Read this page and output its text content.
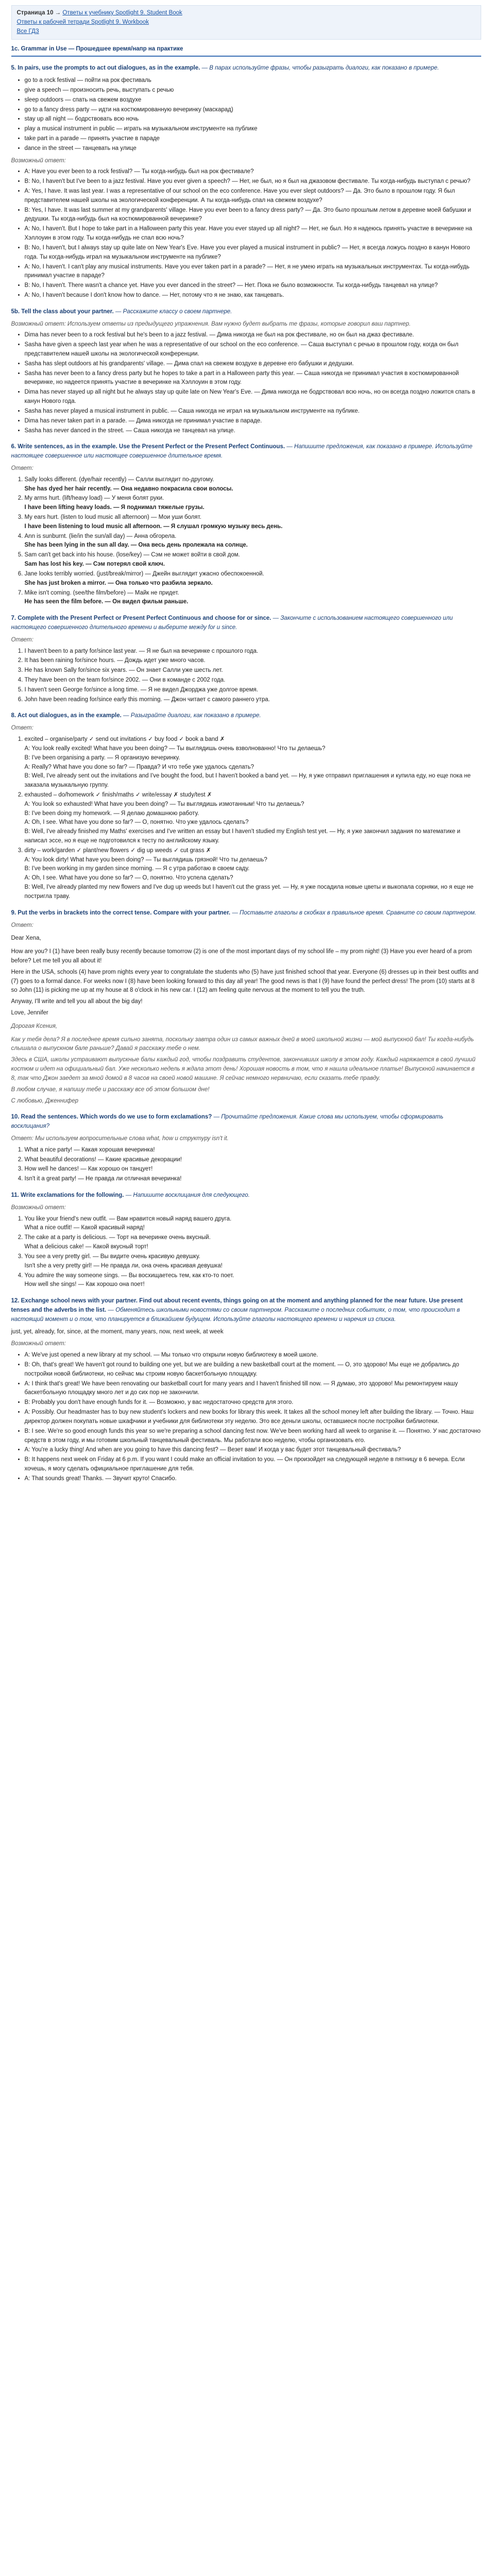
Страница 10 → Ответы к учебнику Spotlight 9. Student Book
Ответы к рабочей тетради Spotlight 9. Workbook
Все ГДЗ
1c. Grammar in Use — Прошедшее время/напр на практике
5. In pairs, use the prompts to act out dialogues, as in the example. — В парах используйте фразы, чтобы разыграть диалоги, как показано в примере.
• go to a rock festival — пойти на рок фестиваль
• give a speech — произносить речь, выступать с речью
• sleep outdoors — спать на свежем воздухе
• go to a fancy dress party — идти на костюмированную вечеринку (маскарад)
• stay up all night — бодрствовать всю ночь
• play a musical instrument in public — играть на музыкальном инструменте на публике
• take part in a parade — принять участие в параде
• dance in the street — танцевать на улице
Возможный ответ:
• A: Have you ever been to a rock festival? — Ты когда-нибудь был на рок фестивале?
• B: No, I haven't but I've been to a jazz festival. Have you ever given a speech? — Нет, не был, но я был на джазовом фестивале. Ты когда-нибудь выступал с речью?
• A: Yes, I have. It was last year. I was a representative of our school on the eco conference. Have you ever slept outdoors? — Да. Это было в прошлом году. Я был представителем нашей школы на экологической конференции. А ты когда-нибудь спал на свежем воздухе?
• B: Yes, I have. It was last summer at my grandparents' village. Have you ever been to a fancy dress party? — Да. Это было прошлым летом в деревне моей бабушки и дедушки. Ты когда-нибудь был на костюмированной вечеринке?
• A: No, I haven't. But I hope to take part in a Halloween party this year. Have you ever stayed up all night? — Нет, не был. Но я надеюсь принять участие в вечеринке на Хэллоуин в этом году. Ты когда-нибудь не спал всю ночь?
• B: No, I haven't, but I always stay up quite late on New Year's Eve. Have you ever played a musical instrument in public? — Нет, я всегда ложусь поздно в канун Нового года. Ты когда-нибудь играл на музыкальном инструменте на публике?
• A: No, I haven't. I can't play any musical instruments. Have you ever taken part in a parade? — Нет, я не умею играть на музыкальных инструментах. Ты когда-нибудь принимал участие в параде?
• B: No, I haven't. There wasn't a chance yet. Have you ever danced in the street? — Нет. Пока не было возможности. Ты когда-нибудь танцевал на улице?
• A: No, I haven't because I don't know how to dance. — Нет, потому что я не знаю, как танцевать.
5b. Tell the class about your partner. — Расскажите классу о своем партнере.
Возможный ответ: Используем ответы из предыдущего упражнения. Вам нужно будет выбрать те фразы, которые говорил ваш партнер.
• Dima has never been to a rock festival but he's been to a jazz festival. — Дима никогда не был на рок фестивале, но он был на джаз фестивале.
• Sasha have given a speech last year when he was a representative of our school on the eco conference. — Саша выступал с речью в прошлом году, когда он был представителем нашей школы на экологической конференции.
• Sasha has slept outdoors at his grandparents' village. — Дима спал на свежем воздухе в деревне его бабушки и дедушки.
• Sasha has never been to a fancy dress party but he hopes to take a part in a Halloween party this year. — Саша никогда не принимал участия в костюмированной вечеринке, но надеется принять участие в вечеринке на Хэллоуин в этом году.
• Dima has never stayed up all night but he always stay up quite late on New Year's Eve. — Дима никогда не бодрствовал всю ночь, но он всегда поздно ложится спать в канун Нового года.
• Sasha has never played a musical instrument in public. — Саша никогда не играл на музыкальном инструменте на публике.
• Dima has never taken part in a parade. — Дима никогда не принимал участие в параде.
• Sasha has never danced in the street. — Саша никогда не танцевал на улице.
6. Write sentences, as in the example. Use the Present Perfect or the Present Perfect Continuous. — Напишите предложения, как показано в примере. Используйте настоящее совершенное или настоящее совершенное длительное время.
Ответ:
1. Sally looks different. (dye/hair recently) — Салли выглядит по-другому.
She has dyed her hair recently. — Она недавно покрасила свои волосы.
2. My arms hurt. (lift/heavy load) — У меня болят руки.
I have been lifting heavy loads. — Я поднимал тяжелые грузы.
3. My ears hurt. (listen to loud music all afternoon) — Мои уши болят.
I have been listening to loud music all afternoon. — Я слушал громкую музыку весь день.
4. Ann is sunburnt. (lie/in the sun/all day) — Анна обгорела.
She has been lying in the sun all day. — Она весь день пролежала на солнце.
5. Sam can't get back into his house. (lose/key) — Сэм не может войти в свой дом.
Sam has lost his key. — Сэм потерял свой ключ.
6. Jane looks terribly worried. (just/break/mirror) — Джейн выглядит ужасно обеспокоенной.
She has just broken a mirror. — Она только что разбила зеркало.
7. Mike isn't coming. (see/the film/before) — Майк не придет.
He has seen the film before. — Он видел фильм раньше.
7. Complete with the Present Perfect or Present Perfect Continuous and choose for or since. — Закончите с использованием настоящего совершенного или настоящего совершенного длительного времени и выберите между for и since.
Ответ:
1. I haven't been to a party for/since last year. — Я не был на вечеринке с прошлого года.
2. It has been raining for/since hours. — Дождь идет уже много часов.
3. He has known Sally for/since six years. — Он знает Салли уже шесть лет.
4. They have been on the team for/since 2002. — Они в команде с 2002 года.
5. I haven't seen George for/since a long time. — Я не видел Джорджа уже долгое время.
6. John have been reading for/since early this morning. — Джон читает с самого раннего утра.
8. Act out dialogues, as in the example. — Разыграйте диалоги, как показано в примере.
Ответ:
1. excited – organise/party ✓ send out invitations ✓ buy food ✓ book a band ✗
A: You look really excited! What have you been doing? — Ты выглядишь очень взволнованно! Что ты делаешь?
B: I've been organising a party. — Я организую вечеринку.
A: Really? What have you done so far? — Правда? И что тебе уже удалось сделать?
B: Well, I've already sent out the invitations and I've bought the food, but I haven't booked a band yet. — Ну, я уже отправил приглашения и купила еду, но еще пока не заказала музыкальную группу.
2. exhausted – do/homework ✓ finish/maths ✓ write/essay ✗ study/test ✗
A: You look so exhausted! What have you been doing? — Ты выглядишь измотанным! Что ты делаешь?
B: I've been doing my homework. — Я делаю домашнюю работу.
A: Oh, I see. What have you done so far? — О, понятно. Что уже удалось сделать?
B: Well, I've already finished my Maths' exercises and I've written an essay but I haven't studied my English test yet. — Ну, я уже закончил задания по математике и написал эссе, но я еще не подготовился к тесту по английскому языку.
3. dirty – work/garden ✓ plant/new flowers ✓ dig up weeds ✓ cut grass ✗
A: You look dirty! What have you been doing? — Ты выглядишь грязной! Что ты делаешь?
B: I've been working in my garden since morning. — Я с утра работаю в своем саду.
A: Oh, I see. What have you done so far? — О, понятно. Что успела сделать?
B: Well, I've already planted my new flowers and I've dug up weeds but I haven't cut the grass yet. — Ну, я уже посадила новые цветы и выкопала сорняки, но я еще не постригла траву.
9. Put the verbs in brackets into the correct tense. Compare with your partner. — Поставьте глаголы в скобках в правильное время. Сравните со своим партнером.
Ответ:

Dear Xena,

How are you? I (1) have been really busy recently because tomorrow (2) is one of the most important days of my school life – my prom night! (3) Have you ever heard of a prom before? Let me tell you all about it!

Here in the USA, schools (4) have prom nights every year to congratulate the students who (5) have just finished school that year. Everyone (6) dresses up in their best outfits and (7) goes to a formal dance. For weeks now I (8) have been looking forward to this day all year! The good news is that I (9) have found the perfect dress! The prom (10) starts at 8 so John (11) is picking me up at my house at 8 o'clock in his new car. I (12) am feeling quite nervous at the moment to tell you the truth.

Anyway, I'll write and tell you all about the big day!

Love, Jennifer

Дорогая Ксения,

Как у тебя дела? Я в последнее время сильно занята, поскольку завтра один из самых важных дней в моей школьной жизни — мой выпускной бал! Ты когда-нибудь слышала о выпускном бале раньше? Давай я расскажу тебе о нем.

Здесь в США, школы устраивают выпускные балы каждый год, чтобы поздравить студентов, закончивших школу в этом году. Каждый наряжается в свой лучший костюм и идет на официальный бал. Уже несколько недель я ждала этот день! Хорошая новость в том, что я нашла идеальное платье! Выпускной начинается в 8, так что Джон заедет за мной домой в 8 часов на своей новой машине. Я сейчас немного нервничаю, если сказать тебе правду.

В любом случае, я напишу тебе и расскажу все об этом большом дне!

С любовью, Дженнифер

10. Read the sentences. Which words do we use to form exclamations? — Прочитайте предложения. Какие слова мы используем, чтобы сформировать восклицания?
Ответ: Мы используем вопросительные слова what, how и структуру isn't it.
1. What a nice party! — Какая хорошая вечеринка!
2. What beautiful decorations! — Какие красивые декорации!
3. How well he dances! — Как хорошо он танцует!
4. Isn't it a great party! — Не правда ли отличная вечеринка!
11. Write exclamations for the following. — Напишите восклицания для следующего.
Возможный ответ:
1. You like your friend's new outfit. — Вам нравится новый наряд вашего друга.
What a nice outfit! — Какой красивый наряд!
2. The cake at a party is delicious. — Торт на вечеринке очень вкусный.
What a delicious cake! — Какой вкусный торт!
3. You see a very pretty girl. — Вы видите очень красивую девушку.
Isn't she a very pretty girl! — Не правда ли, она очень красивая девушка!
4. You admire the way someone sings. — Вы восхищаетесь тем, как кто-то поет.
How well she sings! — Как хорошо она поет!
12. Exchange school news with your partner. Find out about recent events, things going on at the moment and anything planned for the near future. Use present tenses and the adverbs in the list. — Обменяйтесь школьными новостями со своим партнером. Расскажите о последних событиях, о том, что происходит в настоящий момент и о том, что планируется в ближайшем будущем. Используйте глаголы настоящего времени и наречия из списка.

just, yet, already, for, since, at the moment, many years, now, next week, at week

Возможный ответ:
• A: We've just opened a new library at my school. — Мы только что открыли новую библиотеку в моей школе.
• B: Oh, that's great! We haven't got round to building one yet, but we are building a new basketball court at the moment. — О, это здорово! Мы еще не добрались до постройки новой библиотеки, но сейчас мы строим новую баскетбольную площадку.
• A: I think that's great! We have been renovating our basketball court for many years and I haven't finished till now. — Я думаю, это здорово! Мы ремонтируем нашу баскетбольную площадку много лет и до сих пор не закончили.
• B: Probably you don't have enough funds for it. — Возможно, у вас недостаточно средств для этого.
• A: Possibly. Our headmaster has to buy new student's lockers and new books for library this week. It takes all the school money left after building the library. — Точно. Наш директор должен покупать новые шкафчики и учебники для библиотеки эту неделю. Это все деньги школы, оставшиеся после постройки библиотеки.
• B: I see. We're so good enough funds this year so we're preparing a school dancing fest now. We've been working hard all week to organise it. — Понятно. У нас достаточно средств в этом году, и мы готовим школьный танцевальный фестиваль. Мы работали всю неделю, чтобы организовать его.
• A: You're a lucky thing! And when are you going to have this dancing fest? — Везет вам! И когда у вас будет этот танцевальный фестиваль?
• B: It happens next week on Friday at 6 p.m. If you want I could make an official invitation to you. — Он произойдет на следующей неделе в пятницу в 6 вечера. Если хочешь, я могу сделать официальное приглашение для тебя.
• A: That sounds great! Thanks. — Звучит круто! Спасибо.
